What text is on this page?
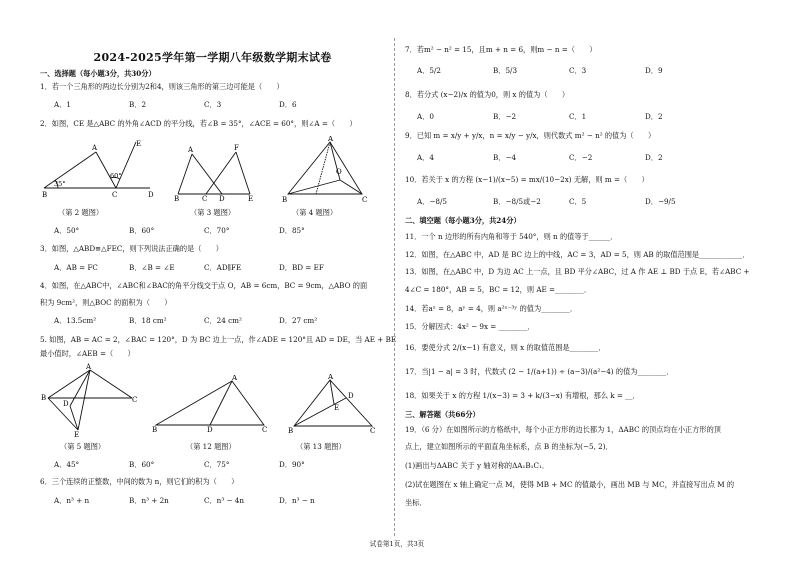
2024-2025学年第一学期八年级数学期末试卷
一、选择题（每小题3分，共30分）
1．若一个三角形的两边长分别为2和4，则该三角形的第三边可能是（　　）
A．1	B．2	C．3	D．6
2．如图，CE 是△ABC 的外角∠ACD 的平分线，若∠B = 35°，∠ACE = 60°，则∠A =（　　）
B
A
C	D
E
35°
60°
A	F
B	C D	E
A
B	C
O
（第 2 题图）	（第 3 题图）	（第 4 题图）
A．50°	B．60°	C．70°	D．85°
3．如图，△ABD≌△FEC，则下列说法正确的是（　　）
A．AB = FC	B．∠B = ∠E	C．AD∥FE	D．BD = EF
4．如图，在△ABC中，∠ABC和∠BAC的角平分线交于点 O，AB = 6cm，BC = 9cm，△ABO 的面
积为 9cm²，则△BOC 的面积为（　　）
A．13.5cm²	B．18 cm²	C．24 cm²	D．27 cm²
5. 如图，AB = AC = 2，∠BAC = 120°，D 为 BC 边上一点，作∠ADE = 120°且 AD = DE，当 AE + BE
最小值时，∠AEB =（　　）
A
B	C
D
E
A
B	D	C
A
B	C
D
E
（第 5 题图）	（第 12 题图）	（第 13 题图）
A．45°	B．60°	C．75°	D．90°
6．三个连续的正整数，中间的数为 n，则它们的积为（　　）
A．n³ + n	B．n³ + 2n	C．n³ − 4n	D．n³ − n
7．若m² − n² = 15，且m + n = 6，则m − n =（　　）
A．5/2	B．5/3	C．3	D．9
8．若分式 (x−2)/x 的值为0，则 x 的值为（　　）
A．0	B．−2	C．1	D．2
9．已知 m = x/y + y/x，n = x/y − y/x，则代数式 m² − n² 的值为（　　）
A．4	B．−4	C．−2	D．2
10．若关于 x 的方程 (x−1)/(x−5) = mx/(10−2x) 无解，则 m =（　　）
A．−8/5	B．−8/5或−2	C．5	D．−9/5
二、填空题（每小题3分，共24分）
11．一个 n 边形的所有内角和等于 540°，则 n 的值等于______．
12．如图，在△ABC 中，AD 是 BC 边上的中线，AC = 3，AD = 5，则 AB 的取值范围是____________．
13．如图，在△ABC 中，D 为边 AC 上一点，且 BD 平分∠ABC，过 A 作 AE ⊥ BD 于点 E，若∠ABC +
4∠C = 180°，AB = 5，BC = 12，则 AE =________．
14．若aˣ = 8，aʸ = 4，则 a²ˣ⁻³ʸ 的值为________．
15．分解因式：4x² − 9x = ________．
16．要使分式 2/(x−1) 有意义，则 x 的取值范围是________．
17．当|1 − a| = 3 时，代数式 (2 − 1/(a+1)) ÷ (a−3)/(a²−4) 的值为________．
18．如果关于 x 的方程 1/(x−3) = 3 + k/(3−x) 有增根，那么 k = __．
三、解答题（共66分）
19．（6 分）在如图所示的方格纸中，每个小正方形的边长都为 1，ΔABC 的顶点均在小正方形的顶
点上，建立如图所示的平面直角坐标系，点 B 的坐标为(−5, 2)．
(1)画出与ΔABC 关于 y 轴对称的ΔA₁B₁C₁．
(2)试在题图在 x 轴上确定一点 M，使得 MB + MC 的值最小，画出 MB 与 MC，并直接写出点 M 的
坐标．
试卷第1页，共3页
